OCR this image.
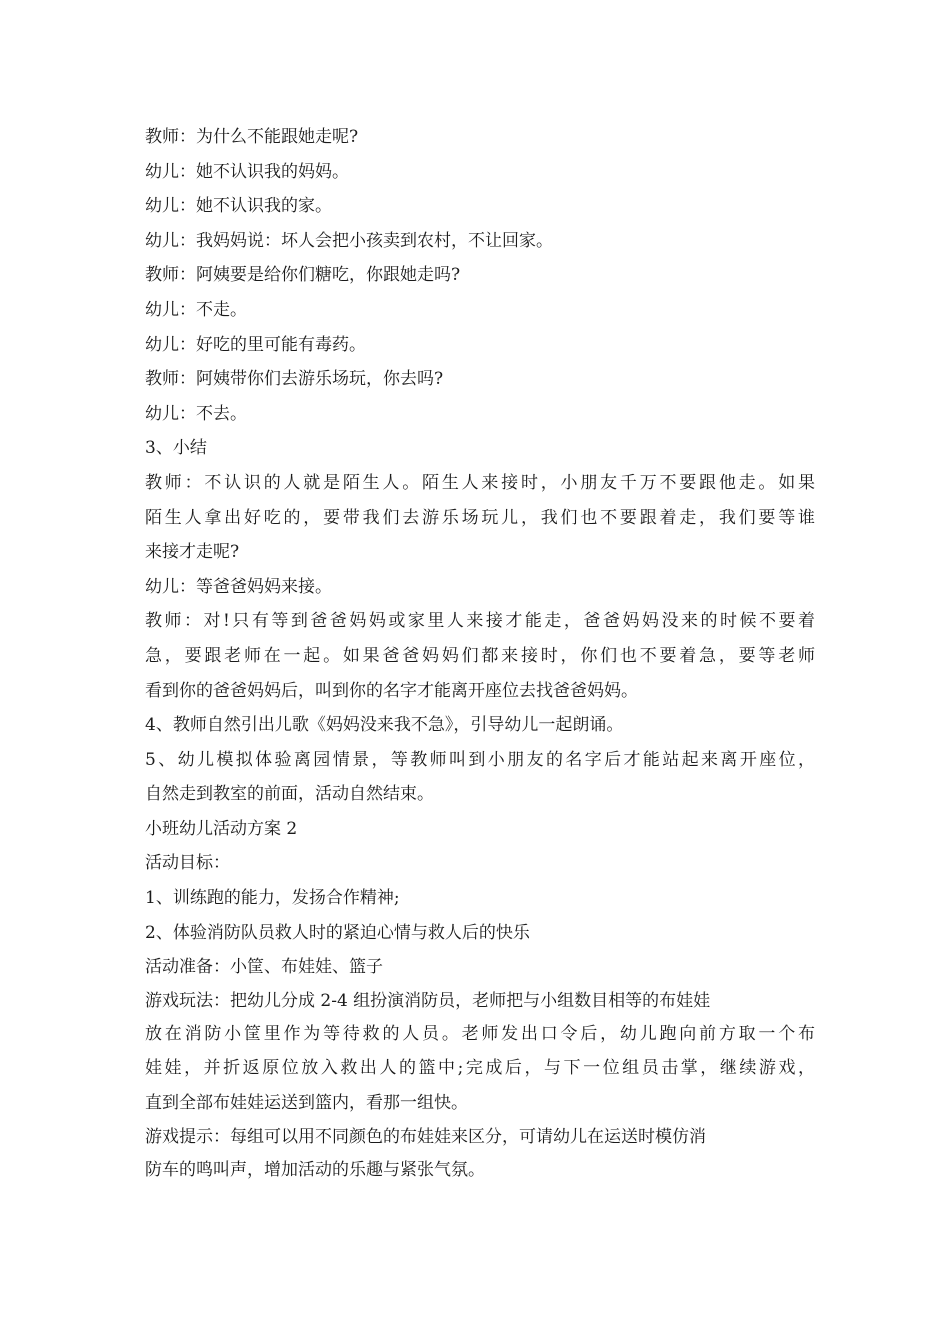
教师：为什么不能跟她走呢?
幼儿：她不认识我的妈妈。
幼儿：她不认识我的家。
幼儿：我妈妈说：坏人会把小孩卖到农村，不让回家。
教师：阿姨要是给你们糖吃，你跟她走吗?
幼儿：不走。
幼儿：好吃的里可能有毒药。
教师：阿姨带你们去游乐场玩，你去吗?
幼儿：不去。
3、小结
教师：不认识的人就是陌生人。陌生人来接时，小朋友千万不要跟他走。如果
陌生人拿出好吃的，要带我们去游乐场玩儿，我们也不要跟着走，我们要等谁
来接才走呢?
幼儿：等爸爸妈妈来接。
教师：对!只有等到爸爸妈妈或家里人来接才能走，爸爸妈妈没来的时候不要着
急，要跟老师在一起。如果爸爸妈妈们都来接时，你们也不要着急，要等老师
看到你的爸爸妈妈后，叫到你的名字才能离开座位去找爸爸妈妈。
4、教师自然引出儿歌《妈妈没来我不急》，引导幼儿一起朗诵。
5、幼儿模拟体验离园情景，等教师叫到小朋友的名字后才能站起来离开座位，
自然走到教室的前面，活动自然结束。
小班幼儿活动方案 2
活动目标：
1、训练跑的能力，发扬合作精神;
2、体验消防队员救人时的紧迫心情与救人后的快乐
活动准备：小筐、布娃娃、篮子
游戏玩法：把幼儿分成 2-4 组扮演消防员，老师把与小组数目相等的布娃娃
放在消防小筐里作为等待救的人员。老师发出口令后，幼儿跑向前方取一个布
娃娃，并折返原位放入救出人的篮中;完成后，与下一位组员击掌，继续游戏，
直到全部布娃娃运送到篮内，看那一组快。
游戏提示：每组可以用不同颜色的布娃娃来区分，可请幼儿在运送时模仿消
防车的鸣叫声，增加活动的乐趣与紧张气氛。
